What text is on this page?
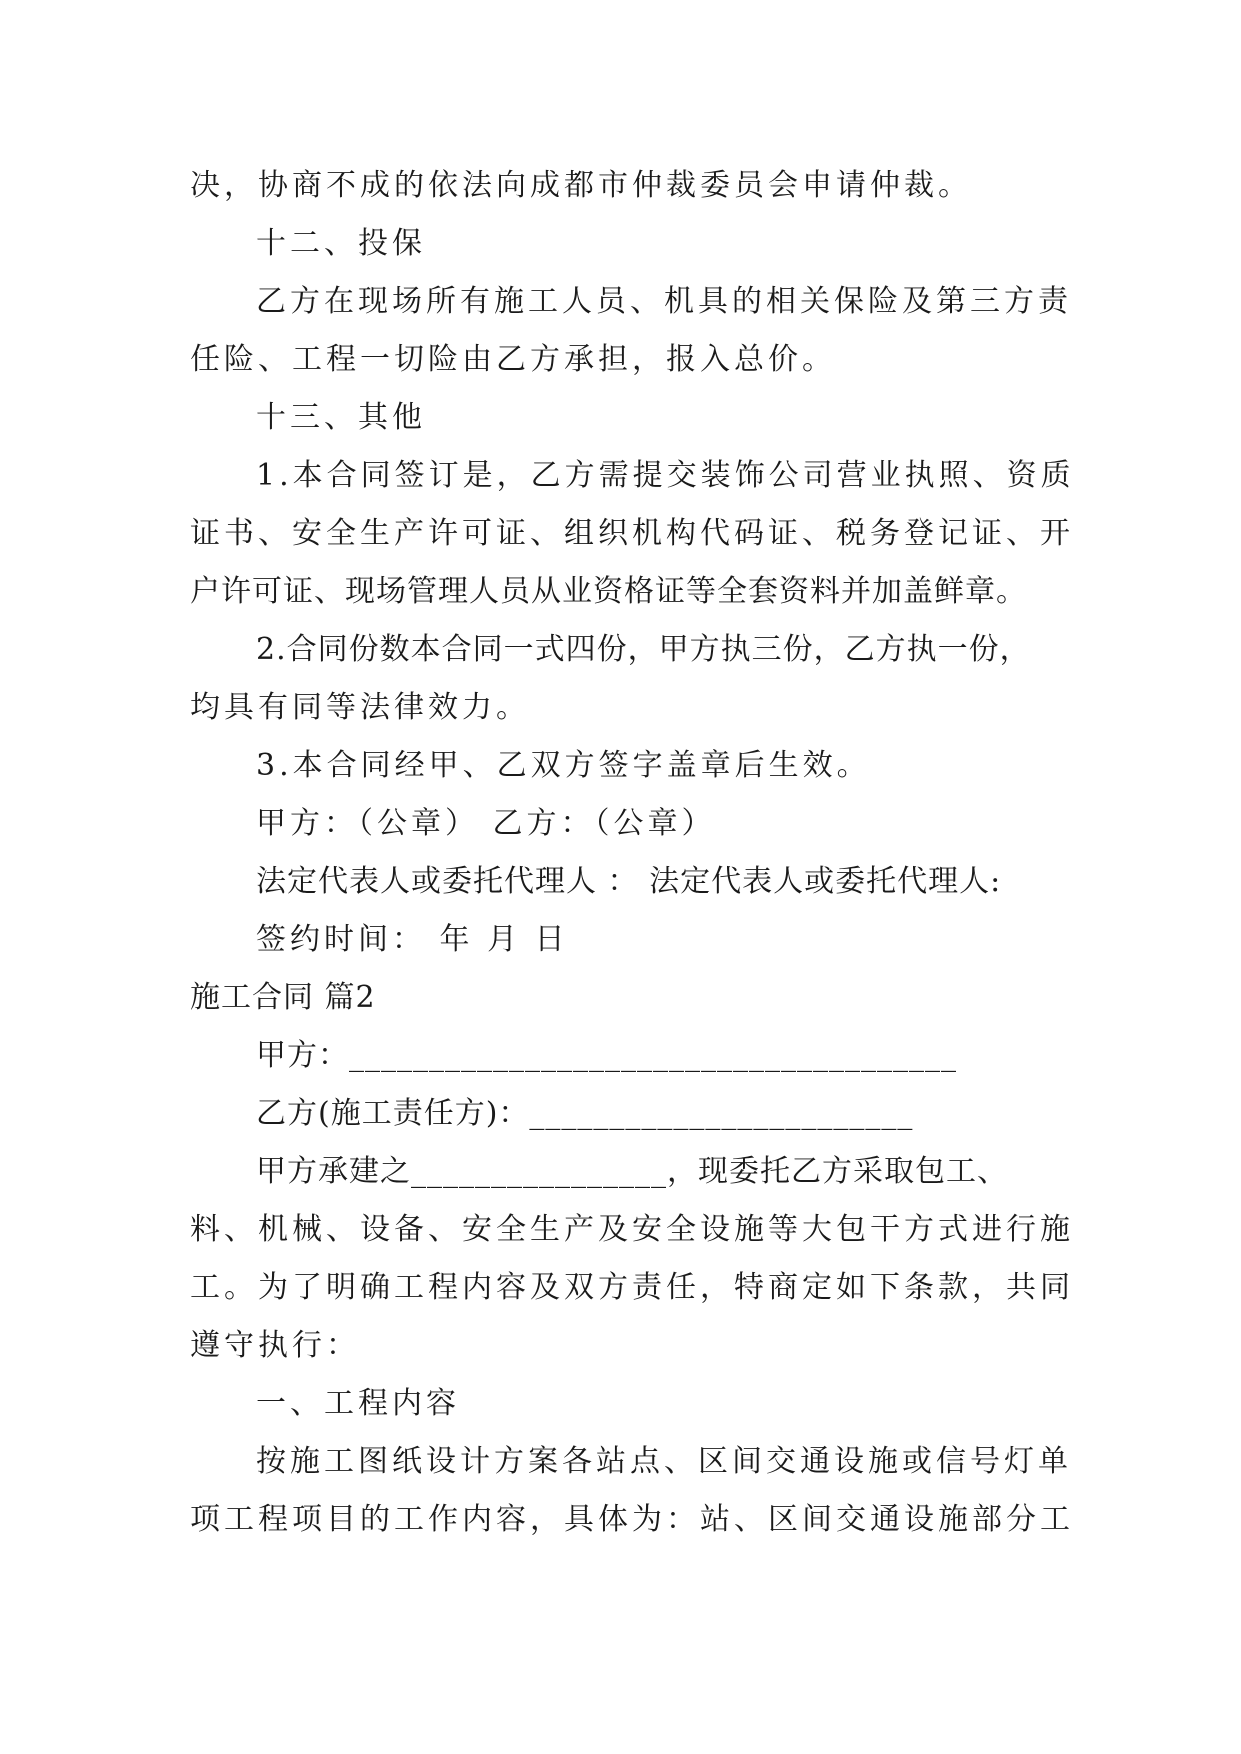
决，协商不成的依法向成都市仲裁委员会申请仲裁。
十二、投保
乙方在现场所有施工人员、机具的相关保险及第三方责
任险、工程一切险由乙方承担，报入总价。
十三、其他
1.本合同签订是，乙方需提交装饰公司营业执照、资质
证书、安全生产许可证、组织机构代码证、税务登记证、开
户许可证、现场管理人员从业资格证等全套资料并加盖鲜章。
2.合同份数本合同一式四份，甲方执三份，乙方执一份，
均具有同等法律效力。
3.本合同经甲、乙双方签字盖章后生效。
甲方：（公章） 乙方：（公章）
法定代表人或委托代理人 ： 法定代表人或委托代理人:
签约时间： 年 月 日
施工合同 篇2
甲方：______________________________________
乙方(施工责任方)：________________________
甲方承建之________________，现委托乙方采取包工、
料、机械、设备、安全生产及安全设施等大包干方式进行施
工。为了明确工程内容及双方责任，特商定如下条款，共同
遵守执行：
一、工程内容
按施工图纸设计方案各站点、区间交通设施或信号灯单
项工程项目的工作内容，具体为：站、区间交通设施部分工
